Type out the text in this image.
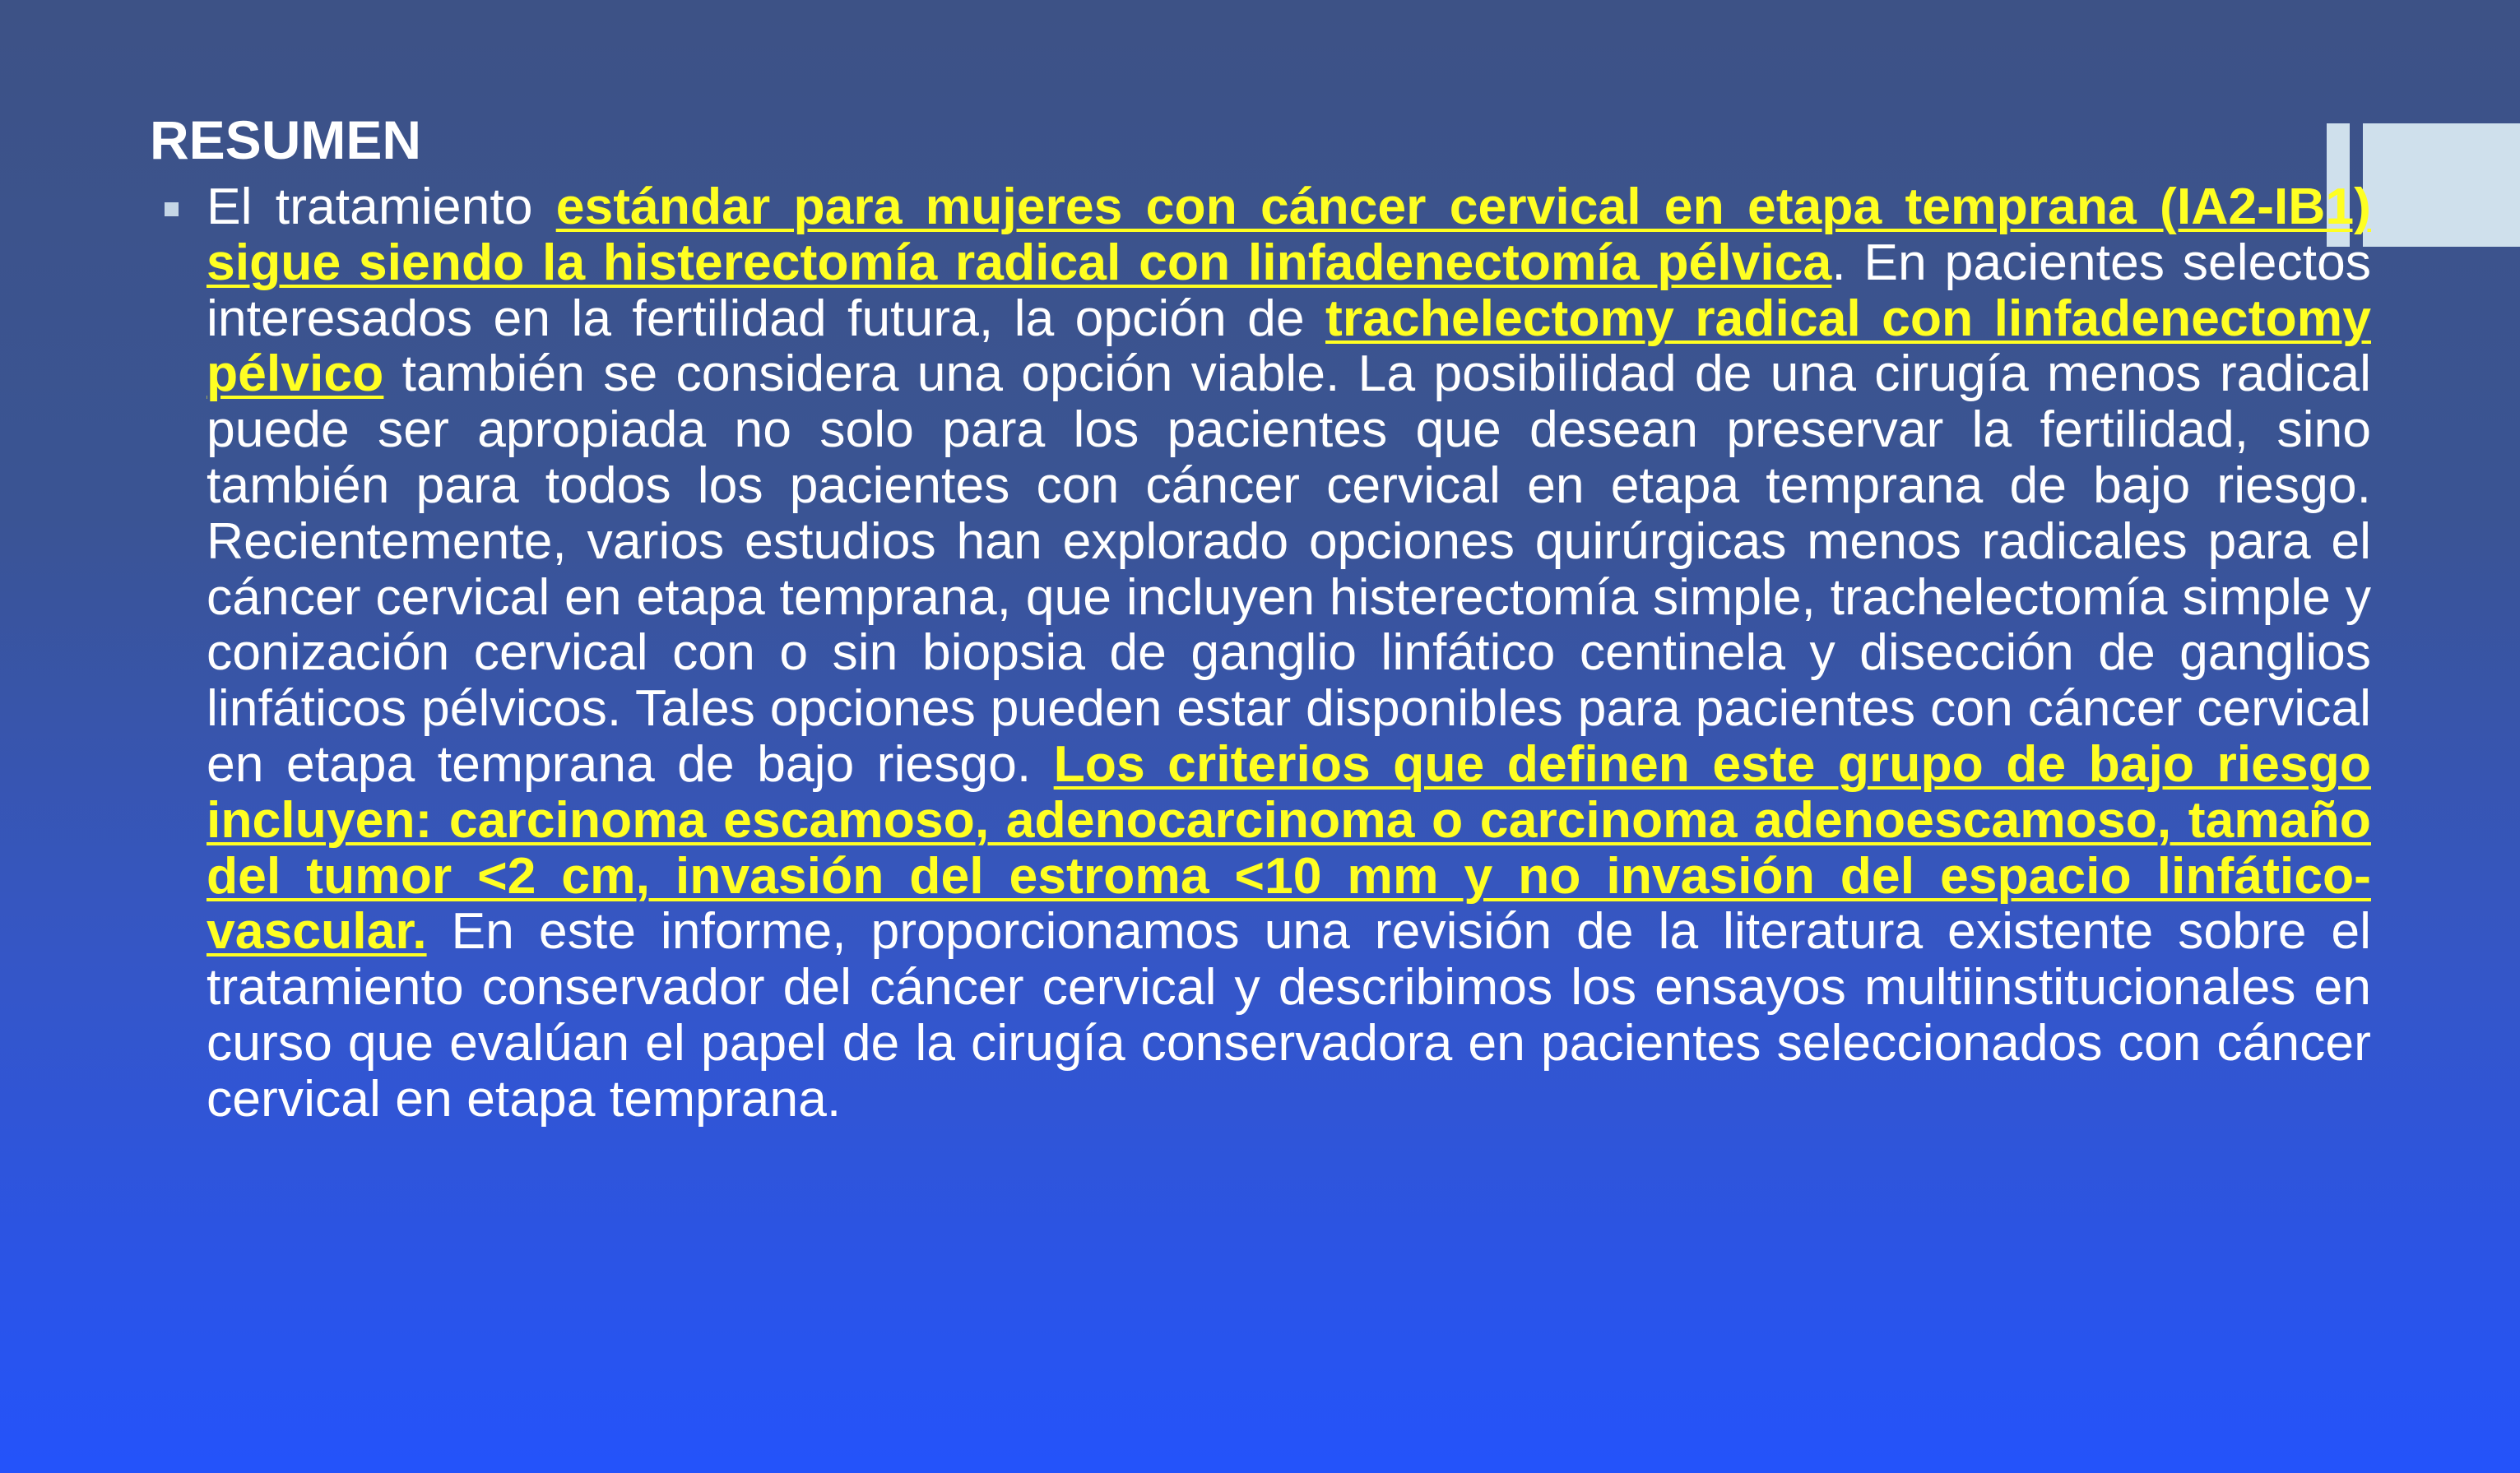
RESUMEN

El tratamiento estándar para mujeres con cáncer cervical en etapa temprana (IA2-IB1) sigue siendo la histerectomía radical con linfadenectomía pélvica. En pacientes selectos interesados en la fertilidad futura, la opción de trachelectomy radical con linfadenectomy pélvico también se considera una opción viable. La posibilidad de una cirugía menos radical puede ser apropiada no solo para los pacientes que desean preservar la fertilidad, sino también para todos los pacientes con cáncer cervical en etapa temprana de bajo riesgo. Recientemente, varios estudios han explorado opciones quirúrgicas menos radicales para el cáncer cervical en etapa temprana, que incluyen histerectomía simple, trachelectomía simple y conización cervical con o sin biopsia de ganglio linfático centinela y disección de ganglios linfáticos pélvicos. Tales opciones pueden estar disponibles para pacientes con cáncer cervical en etapa temprana de bajo riesgo. Los criterios que definen este grupo de bajo riesgo incluyen: carcinoma escamoso, adenocarcinoma o carcinoma adenoescamoso, tamaño del tumor <2 cm, invasión del estroma <10 mm y no invasión del espacio linfático-vascular. En este informe, proporcionamos una revisión de la literatura existente sobre el tratamiento conservador del cáncer cervical y describimos los ensayos multiinstitucionales en curso que evalúan el papel de la cirugía conservadora en pacientes seleccionados con cáncer cervical en etapa temprana.
